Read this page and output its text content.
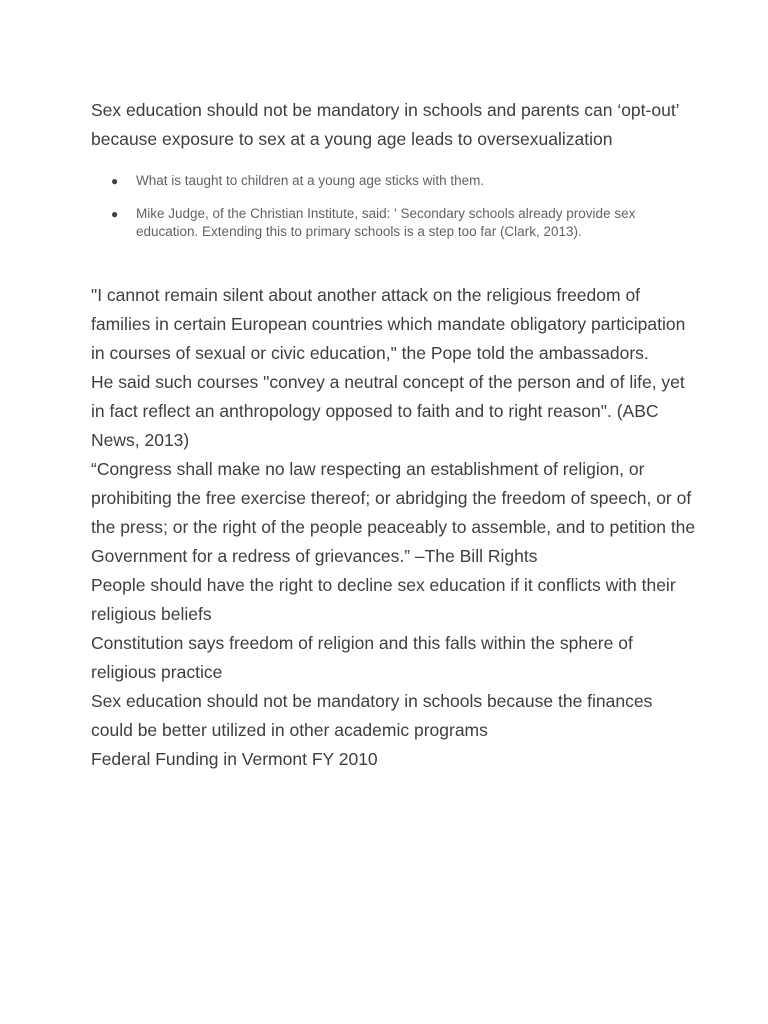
Sex education should not be mandatory in schools and parents can ‘opt-out’ because exposure to sex at a young age leads to oversexualization

● What is taught to children at a young age sticks with them.
● Mike Judge, of the Christian Institute, said: ' Secondary schools already provide sex education. Extending this to primary schools is a step too far (Clark, 2013).

"I cannot remain silent about another attack on the religious freedom of families in certain European countries which mandate obligatory participation in courses of sexual or civic education," the Pope told the ambassadors.

He said such courses "convey a neutral concept of the person and of life, yet in fact reflect an anthropology opposed to faith and to right reason". (ABC News, 2013)

“Congress shall make no law respecting an establishment of religion, or prohibiting the free exercise thereof; or abridging the freedom of speech, or of the press; or the right of the people peaceably to assemble, and to petition the Government for a redress of grievances.” –The Bill Rights

People should have the right to decline sex education if it conflicts with their religious beliefs

Constitution says freedom of religion and this falls within the sphere of religious practice

Sex education should not be mandatory in schools because the finances could be better utilized in other academic programs

Federal Funding in Vermont FY 2010
